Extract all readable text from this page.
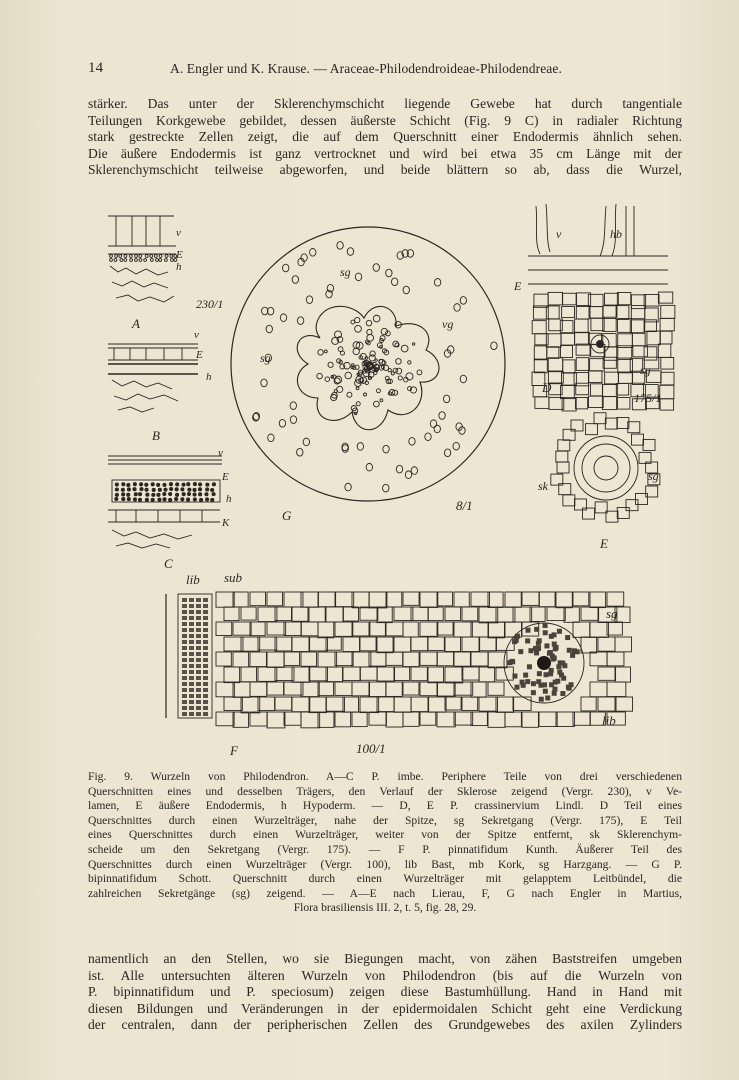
14	A. Engler und K. Krause. — Araceae-Philodendroideae-Philodendreae.

stärker. Das unter der Sklerenchymschicht liegende Gewebe hat durch tangentiale
Teilungen Korkgewebe gebildet, dessen äußerste Schicht (Fig. 9 C) in radialer Richtung
stark gestreckte Zellen zeigt, die auf dem Querschnitt einer Endodermis ähnlich sehen.
Die äußere Endodermis ist ganz vertrocknet und wird bei etwa 35 cm Länge mit der
Sklerenchymschicht teilweise abgeworfen, und beide blättern so ab, dass die Wurzel,

v
E
h
230/1
A
v
E
h
B
v
E
h
K
C
sg
vg
sg
G
8/1
v	hb
E
sg
D
175/1
sk
sg
E
lib sub
sg
lib
F	100/1
Fig. 9. Wurzeln von Philodendron. A—C P. imbe. Periphere Teile von drei verschiedenen
Querschnitten eines und desselben Trägers, den Verlauf der Sklerose zeigend (Vergr. 230), v Ve-
lamen, E äußere Endodermis, h Hypoderm. — D, E P. crassinervium Lindl. D Teil eines
Querschnittes durch einen Wurzelträger, nahe der Spitze, sg Sekretgang (Vergr. 175), E Teil
eines Querschnittes durch einen Wurzelträger, weiter von der Spitze entfernt, sk Sklerenchym-
scheide um den Sekretgang (Vergr. 175). — F P. pinnatifidum Kunth. Äußerer Teil des
Querschnittes durch einen Wurzelträger (Vergr. 100), lib Bast, mb Kork, sg Harzgang. — G P.
bipinnatifidum Schott. Querschnitt durch einen Wurzelträger mit gelapptem Leitbündel, die
zahlreichen Sekretgänge (sg) zeigend. — A—E nach Lierau, F, G nach Engler in Martius,
Flora brasiliensis III. 2, t. 5, fig. 28, 29.

namentlich an den Stellen, wo sie Biegungen macht, von zähen Baststreifen umgeben
ist. Alle untersuchten älteren Wurzeln von Philodendron (bis auf die Wurzeln von
P. bipinnatifidum und P. speciosum) zeigen diese Bastumhüllung. Hand in Hand mit
diesen Bildungen und Veränderungen in der epidermoidalen Schicht geht eine Verdickung
der centralen, dann der peripherischen Zellen des Grundgewebes des axilen Zylinders
